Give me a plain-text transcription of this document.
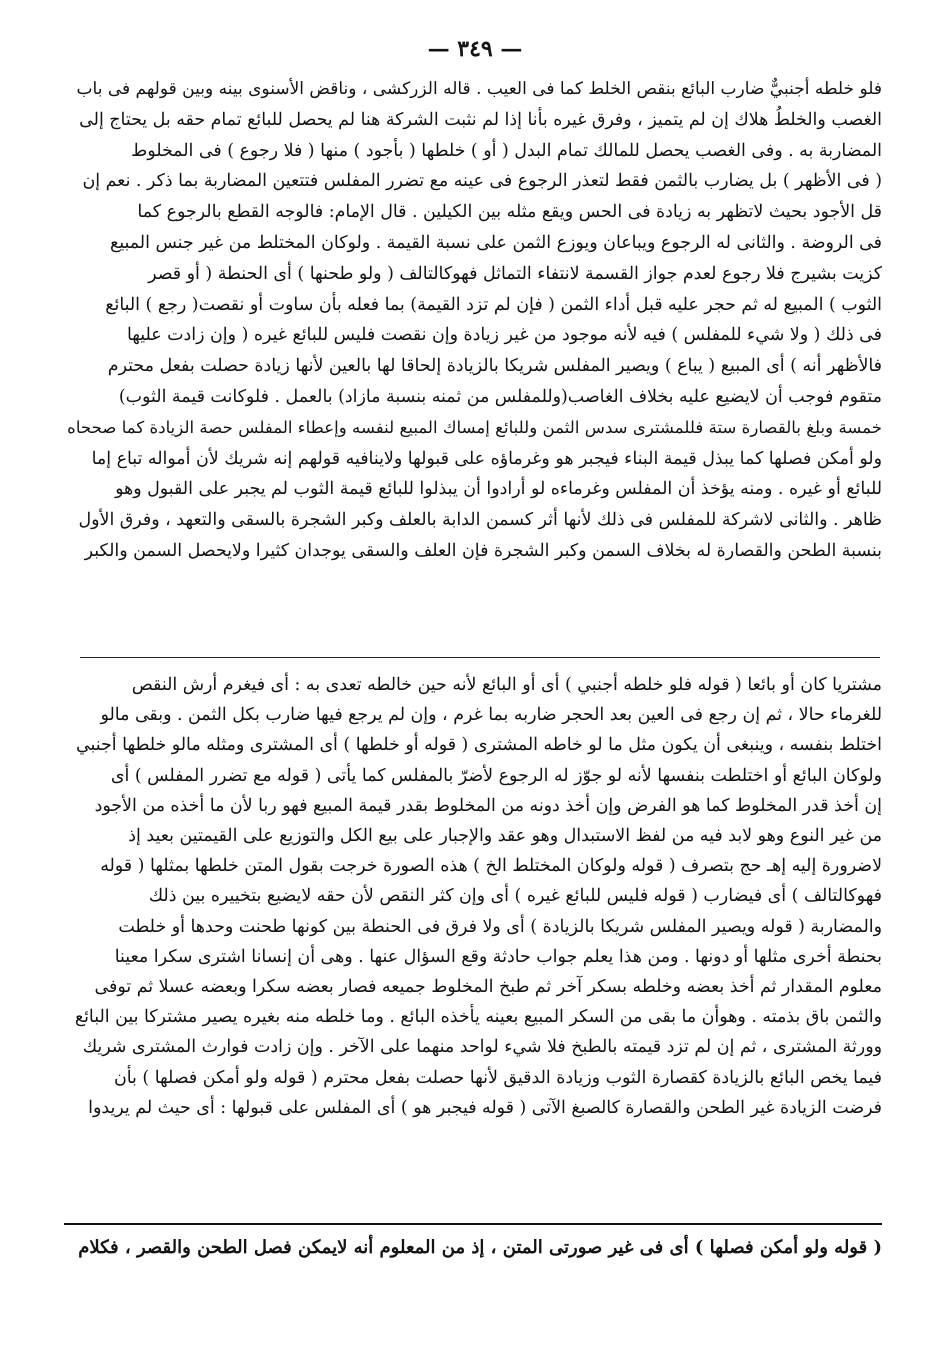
— ٣٤٩ —
فلو خلطه أجنبيٌّ ضارب البائع بنقص الخلط كما فى العيب . قاله الزركشى ، وناقض الأسنوى بينه وبين قولهم فى باب
الغصب والخلطُ هلاك إن لم يتميز ، وفرق غيره بأنا إذا لم نثبت الشركة هنا لم يحصل للبائع تمام حقه بل يحتاج إلى
المضاربة به . وفى الغصب يحصل للمالك تمام البدل ( أو ) خلطها ( بأجود ) منها ( فلا رجوع ) فى المخلوط
( فى الأظهر ) بل يضارب بالثمن فقط لتعذر الرجوع فى عينه مع تضرر المفلس فتتعين المضاربة بما ذكر . نعم إن
قل الأجود بحيث لاتظهر به زيادة فى الحس ويقع مثله بين الكيلين . قال الإمام: فالوجه القطع بالرجوع كما
فى الروضة . والثانى له الرجوع ويباعان ويوزع الثمن على نسبة القيمة . ولوكان المختلط من غير جنس المبيع
كزيت بشيرج فلا رجوع لعدم جواز القسمة لانتفاء التماثل فهوكالتالف ( ولو طحنها ) أى الحنطة ( أو قصر
الثوب ) المبيع له ثم حجر عليه قبل أداء الثمن ( فإن لم تزد القيمة) بما فعله بأن ساوت أو نقصت( رجع ) البائع
فى ذلك ( ولا شيء للمفلس ) فيه لأنه موجود من غير زيادة وإن نقصت فليس للبائع غيره ( وإن زادت عليها
فالأظهر أنه ) أى المبيع ( يباع ) ويصير المفلس شريكا بالزيادة إلحاقا لها بالعين لأنها زيادة حصلت بفعل محترم
متقوم فوجب أن لايضيع عليه بخلاف الغاصب(وللمفلس من ثمنه بنسبة مازاد) بالعمل . فلوكانت قيمة الثوب)
خمسة وبلغ بالقصارة ستة فللمشترى سدس الثمن وللبائع إمساك المبيع لنفسه وإعطاء المفلس حصة الزيادة كما صححاه
ولو أمكن فصلها كما يبذل قيمة البناء فيجبر هو وغرماؤه على قبولها ولاينافيه قولهم إنه شريك لأن أمواله تباع إما
للبائع أو غيره . ومنه يؤخذ أن المفلس وغرماءه لو أرادوا أن يبذلوا للبائع قيمة الثوب لم يجبر على القبول وهو
ظاهر . والثانى لاشركة للمفلس فى ذلك لأنها أثر كسمن الدابة بالعلف وكبر الشجرة بالسقى والتعهد ، وفرق الأول
بنسبة الطحن والقصارة له بخلاف السمن وكبر الشجرة فإن العلف والسقى يوجدان كثيرا ولايحصل السمن والكبر
مشتريا كان أو بائعا ( قوله فلو خلطه أجنبي ) أى أو البائع لأنه حين خالطه تعدى به : أى فيغرم أرش النقص
للغرماء حالا ، ثم إن رجع فى العين بعد الحجر ضاربه بما غرم ، وإن لم يرجع فيها ضارب بكل الثمن . وبقى مالو
اختلط بنفسه ، وينبغى أن يكون مثل ما لو خاطه المشترى ( قوله أو خلطها ) أى المشترى ومثله مالو خلطها أجنبي
ولوكان البائع أو اختلطت بنفسها لأنه لو جوّز له الرجوع لأضرّ بالمفلس كما يأتى ( قوله مع تضرر المفلس ) أى
إن أخذ قدر المخلوط كما هو الفرض وإن أخذ دونه من المخلوط بقدر قيمة المبيع فهو ربا لأن ما أخذه من الأجود
من غير النوع وهو لابد فيه من لفظ الاستبدال وهو عقد والإجبار على بيع الكل والتوزيع على القيمتين بعيد إذ
لاضرورة إليه إهـ حج بتصرف ( قوله ولوكان المختلط الخ ) هذه الصورة خرجت بقول المتن خلطها بمثلها ( قوله
فهوكالتالف ) أى فيضارب ( قوله فليس للبائع غيره ) أى وإن كثر النقص لأن حقه لايضيع بتخييره بين ذلك
والمضاربة ( قوله ويصير المفلس شريكا بالزيادة ) أى ولا فرق فى الحنطة بين كونها طحنت وحدها أو خلطت
بحنطة أخرى مثلها أو دونها . ومن هذا يعلم جواب حادثة وقع السؤال عنها . وهى أن إنسانا اشترى سكرا معينا
معلوم المقدار ثم أخذ بعضه وخلطه بسكر آخر ثم طبخ المخلوط جميعه فصار بعضه سكرا وبعضه عسلا ثم توفى
والثمن باق بذمته . وهوأن ما بقى من السكر المبيع بعينه يأخذه البائع . وما خلطه منه بغيره يصير مشتركا بين البائع
وورثة المشترى ، ثم إن لم تزد قيمته بالطبخ فلا شيء لواحد منهما على الآخر . وإن زادت فوارث المشترى شريك
فيما يخص البائع بالزيادة كقصارة الثوب وزيادة الدقيق لأنها حصلت بفعل محترم ( قوله ولو أمكن فصلها ) بأن
فرضت الزيادة غير الطحن والقصارة كالصبغ الآتى ( قوله فيجبر هو ) أى المفلس على قبولها : أى حيث لم يريدوا
( قوله ولو أمكن فصلها ) أى فى غير صورتى المتن ، إذ من المعلوم أنه لايمكن فصل الطحن والقصر ، فكلام
